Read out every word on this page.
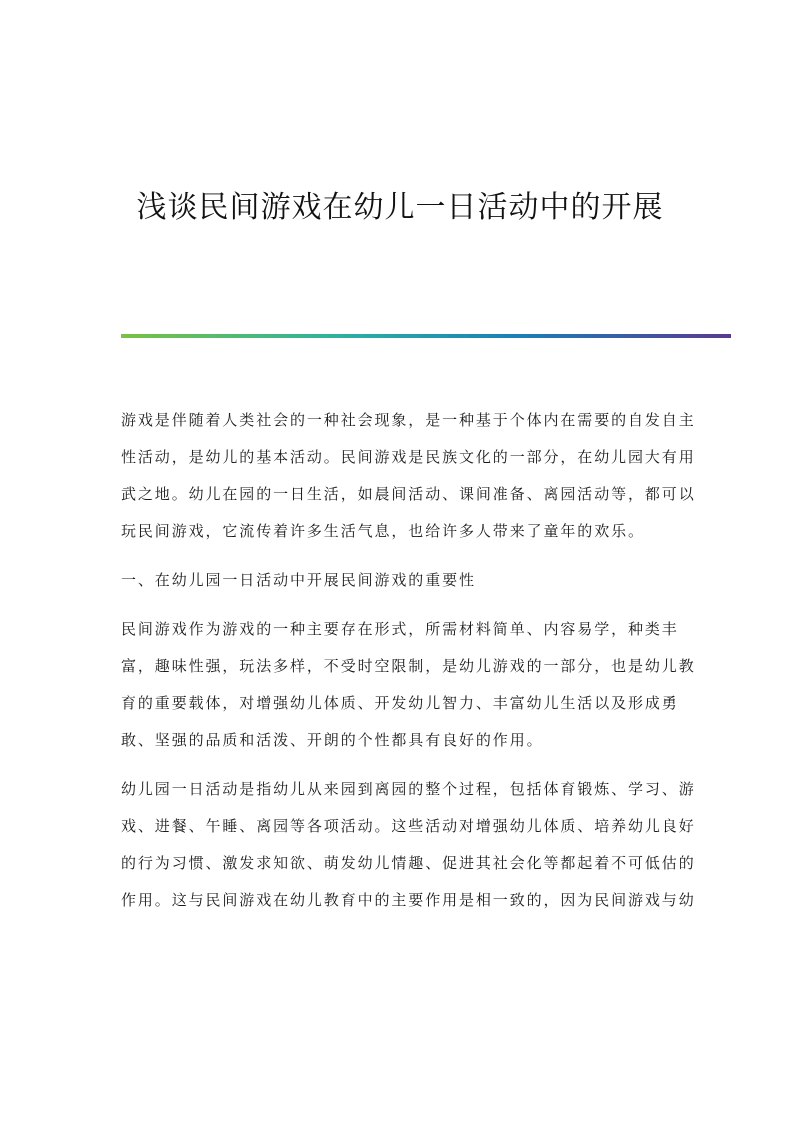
浅谈民间游戏在幼儿一日活动中的开展

游戏是伴随着人类社会的一种社会现象，是一种基于个体内在需要的自发自主
性活动，是幼儿的基本活动。民间游戏是民族文化的一部分，在幼儿园大有用
武之地。幼儿在园的一日生活，如晨间活动、课间准备、离园活动等，都可以
玩民间游戏，它流传着许多生活气息，也给许多人带来了童年的欢乐。

一、在幼儿园一日活动中开展民间游戏的重要性

民间游戏作为游戏的一种主要存在形式，所需材料简单、内容易学，种类丰
富，趣味性强，玩法多样，不受时空限制，是幼儿游戏的一部分，也是幼儿教
育的重要载体，对增强幼儿体质、开发幼儿智力、丰富幼儿生活以及形成勇
敢、坚强的品质和活泼、开朗的个性都具有良好的作用。

幼儿园一日活动是指幼儿从来园到离园的整个过程，包括体育锻炼、学习、游
戏、进餐、午睡、离园等各项活动。这些活动对增强幼儿体质、培养幼儿良好
的行为习惯、激发求知欲、萌发幼儿情趣、促进其社会化等都起着不可低估的
作用。这与民间游戏在幼儿教育中的主要作用是相一致的，因为民间游戏与幼
